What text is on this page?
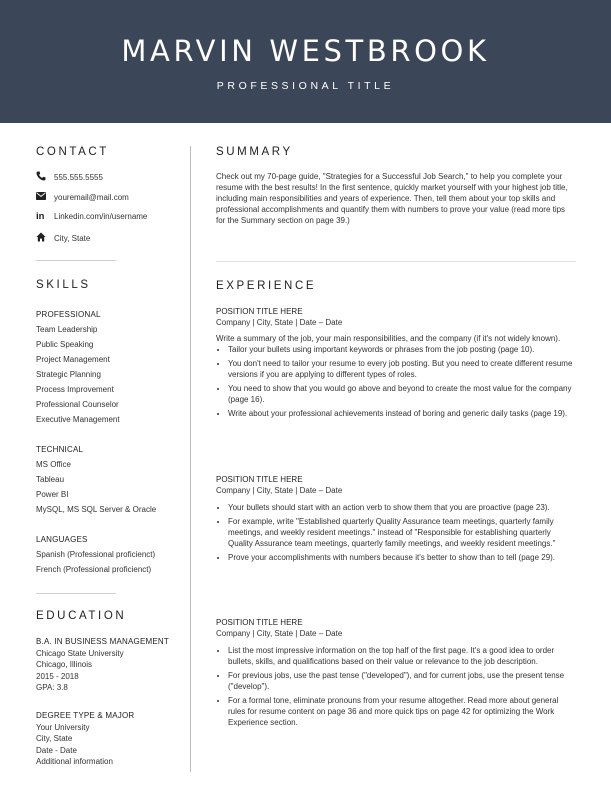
MARVIN WESTBROOK
PROFESSIONAL TITLE
CONTACT
555.555.5555
youremail@mail.com
in	Linkedin.com/in/username
City, State
SKILLS
PROFESSIONAL
Team Leadership
Public Speaking
Project Management
Strategic Planning
Process Improvement
Professional Counselor
Executive Management
TECHNICAL
MS Office
Tableau
Power BI
MySQL, MS SQL Server & Oracle
LANGUAGES
Spanish (Professional proficienct)
French (Professional proficienct)
EDUCATION
B.A. IN BUSINESS MANAGEMENT
Chicago State University
Chicago, Illinois
2015 - 2018
GPA: 3.8
DEGREE TYPE & MAJOR
Your University
City, State
Date - Date
Additional information
SUMMARY
Check out my 70-page guide, "Strategies for a Successful Job Search," to help you complete your resume with the best results! In the first sentence, quickly market yourself with your highest job title, including main responsibilities and years of experience. Then, tell them about your top skills and professional accomplishments and quantify them with numbers to prove your value (read more tips for the Summary section on page 39.)
EXPERIENCE
POSITION TITLE HERE
Company | City, State | Date – Date
Write a summary of the job, your main responsibilities, and the company (if it's not widely known).
• Tailor your bullets using important keywords or phrases from the job posting (page 10).
• You don't need to tailor your resume to every job posting. But you need to create different resume versions if you are applying to different types of roles.
• You need to show that you would go above and beyond to create the most value for the company (page 16).
• Write about your professional achievements instead of boring and generic daily tasks (page 19).
POSITION TITLE HERE
Company | City, State | Date – Date
• Your bullets should start with an action verb to show them that you are proactive (page 23).
• For example, write "Established quarterly Quality Assurance team meetings, quarterly family meetings, and weekly resident meetings." instead of "Responsible for establishing quarterly Quality Assurance team meetings, quarterly family meetings, and weekly resident meetings."
• Prove your accomplishments with numbers because it's better to show than to tell (page 29).
POSITION TITLE HERE
Company | City, State | Date – Date
• List the most impressive information on the top half of the first page. It's a good idea to order bullets, skills, and qualifications based on their value or relevance to the job description.
• For previous jobs, use the past tense ("developed"), and for current jobs, use the present tense ("develop").
• For a formal tone, eliminate pronouns from your resume altogether. Read more about general rules for resume content on page 36 and more quick tips on page 42 for optimizing the Work Experience section.
